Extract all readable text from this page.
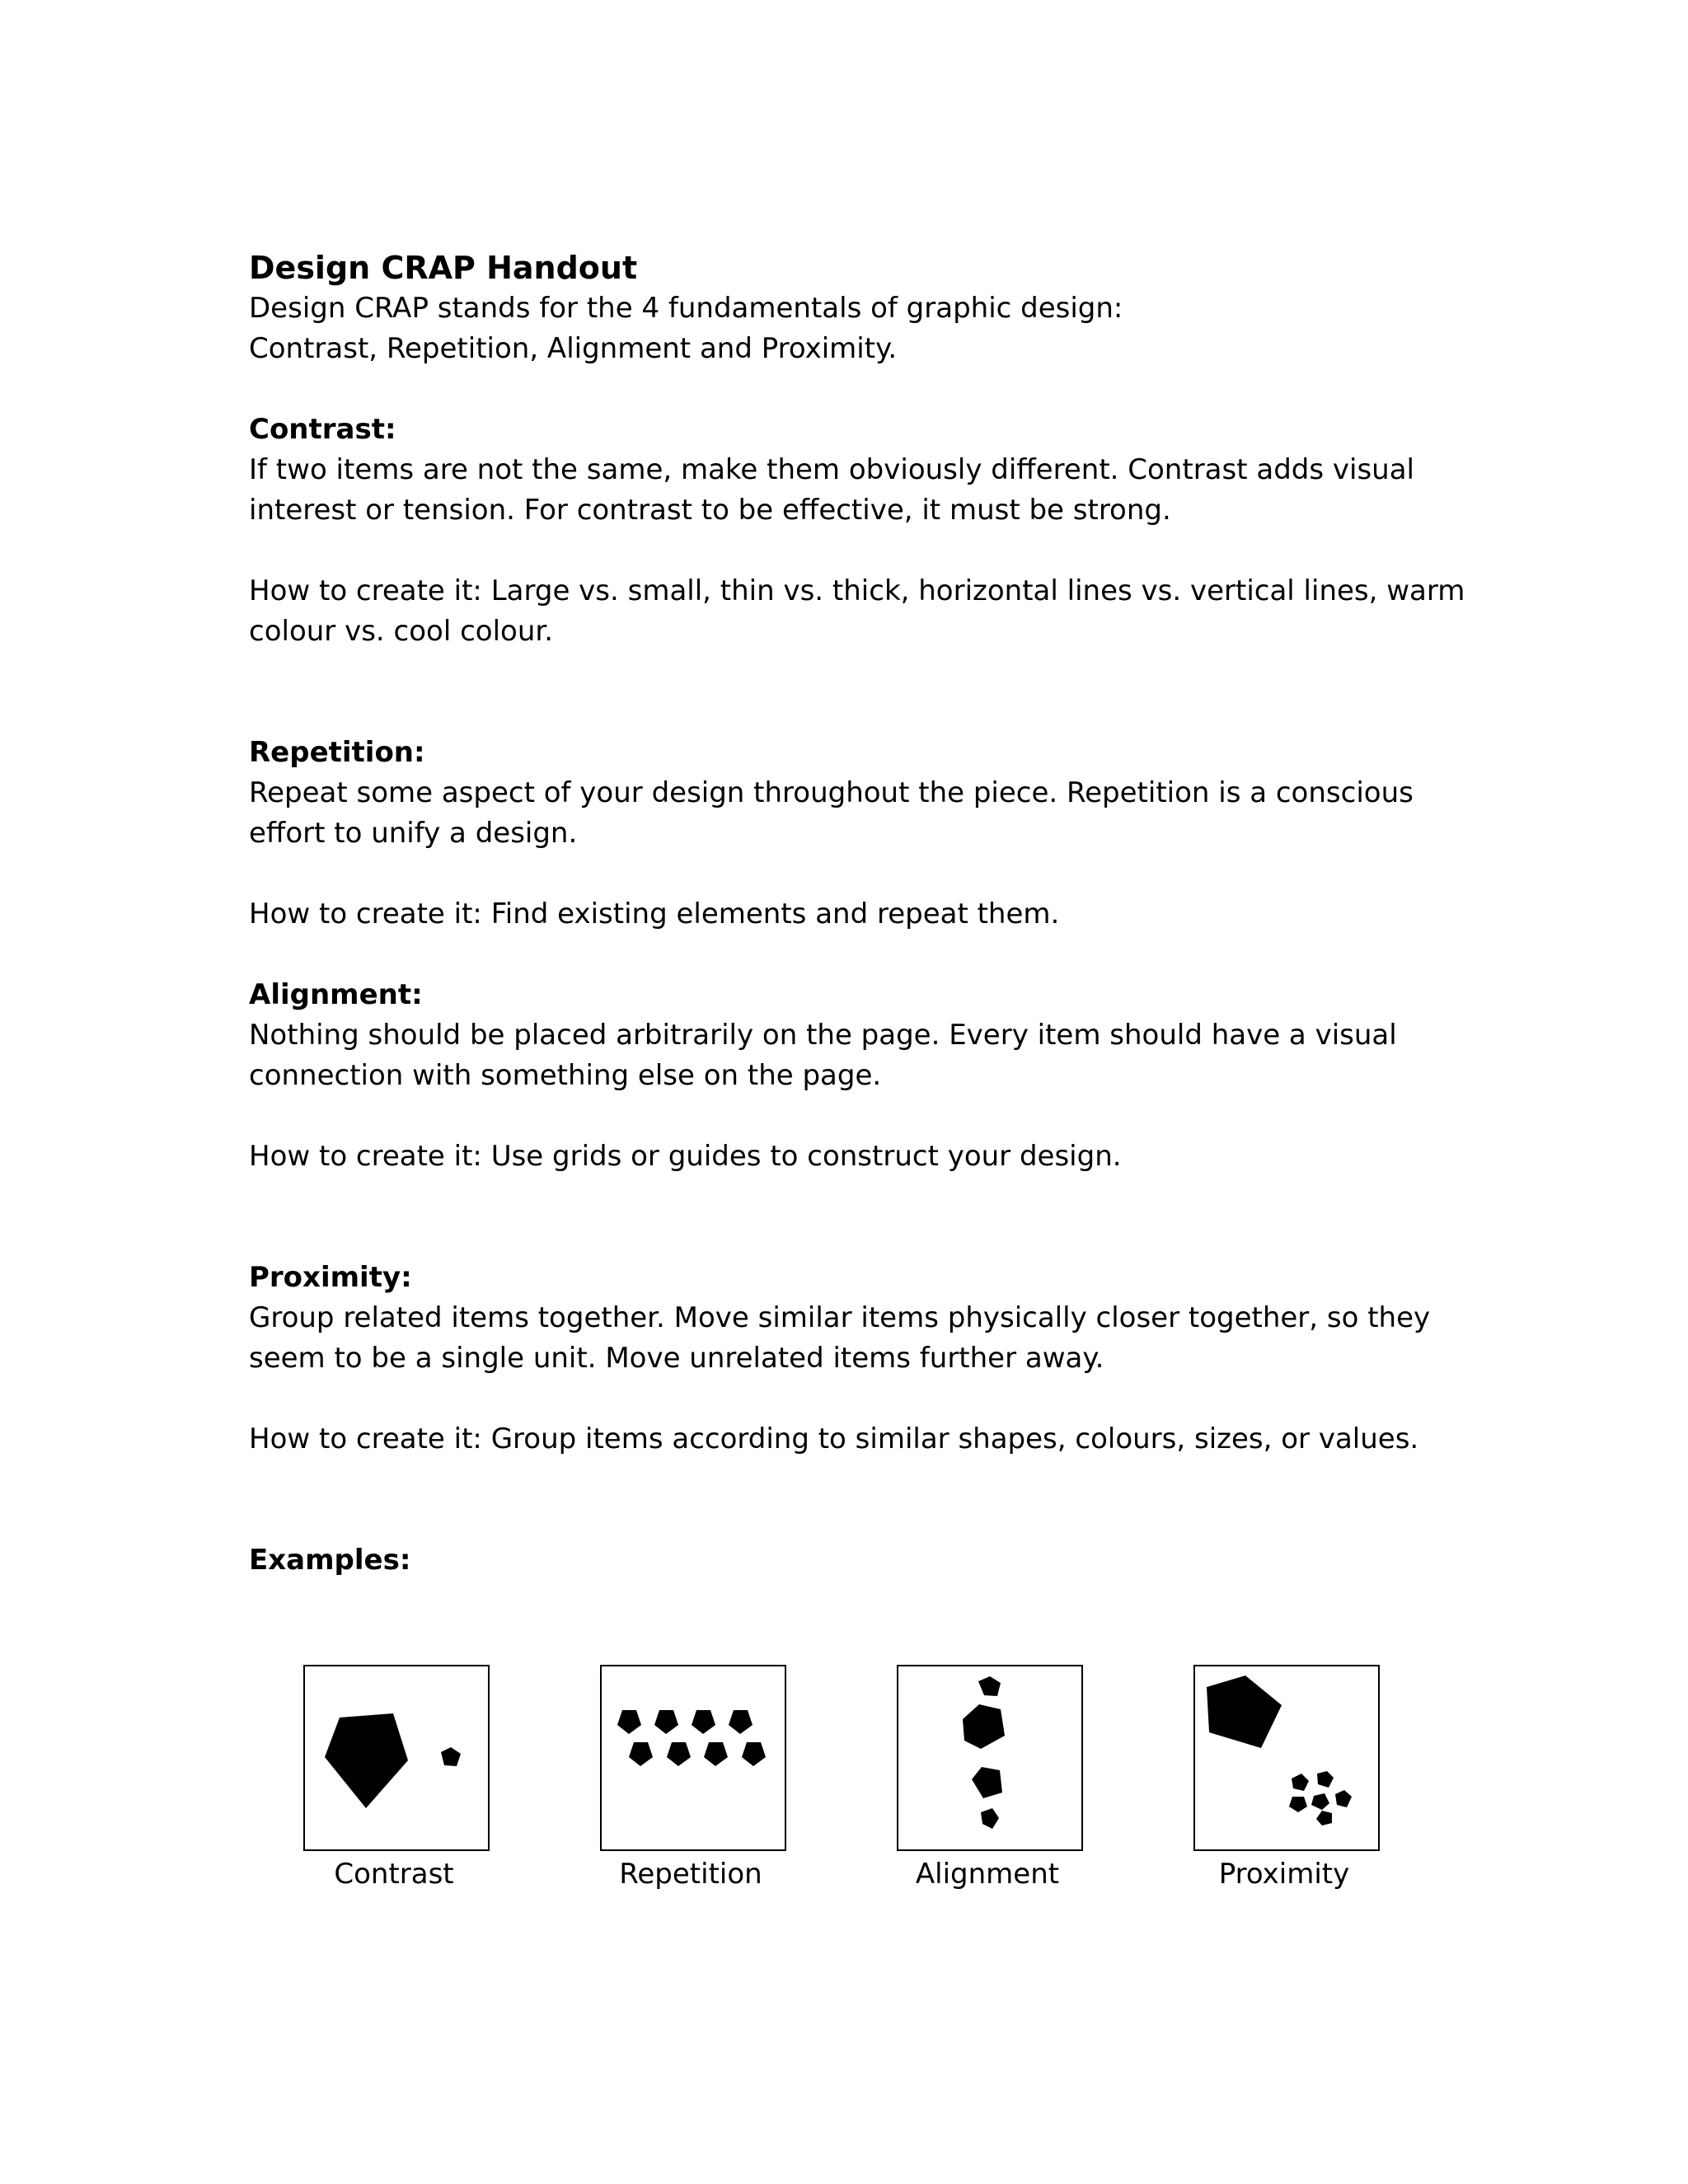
Design CRAP Handout

Design CRAP stands for the 4 fundamentals of graphic design:

Contrast, Repetition, Alignment and Proximity.

Contrast:

If two items are not the same, make them obviously different. Contrast adds visual

interest or tension. For contrast to be effective, it must be strong.

How to create it: Large vs. small, thin vs. thick, horizontal lines vs. vertical lines, warm

colour vs. cool colour.

Repetition:

Repeat some aspect of your design throughout the piece. Repetition is a conscious

effort to unify a design.

How to create it: Find existing elements and repeat them.

Alignment:

Nothing should be placed arbitrarily on the page. Every item should have a visual

connection with something else on the page.

How to create it: Use grids or guides to construct your design.

Proximity:

Group related items together. Move similar items physically closer together, so they

seem to be a single unit. Move unrelated items further away.

How to create it: Group items according to similar shapes, colours, sizes, or values.

Examples:

Contrast	Repetition	Alignment	Proximity
